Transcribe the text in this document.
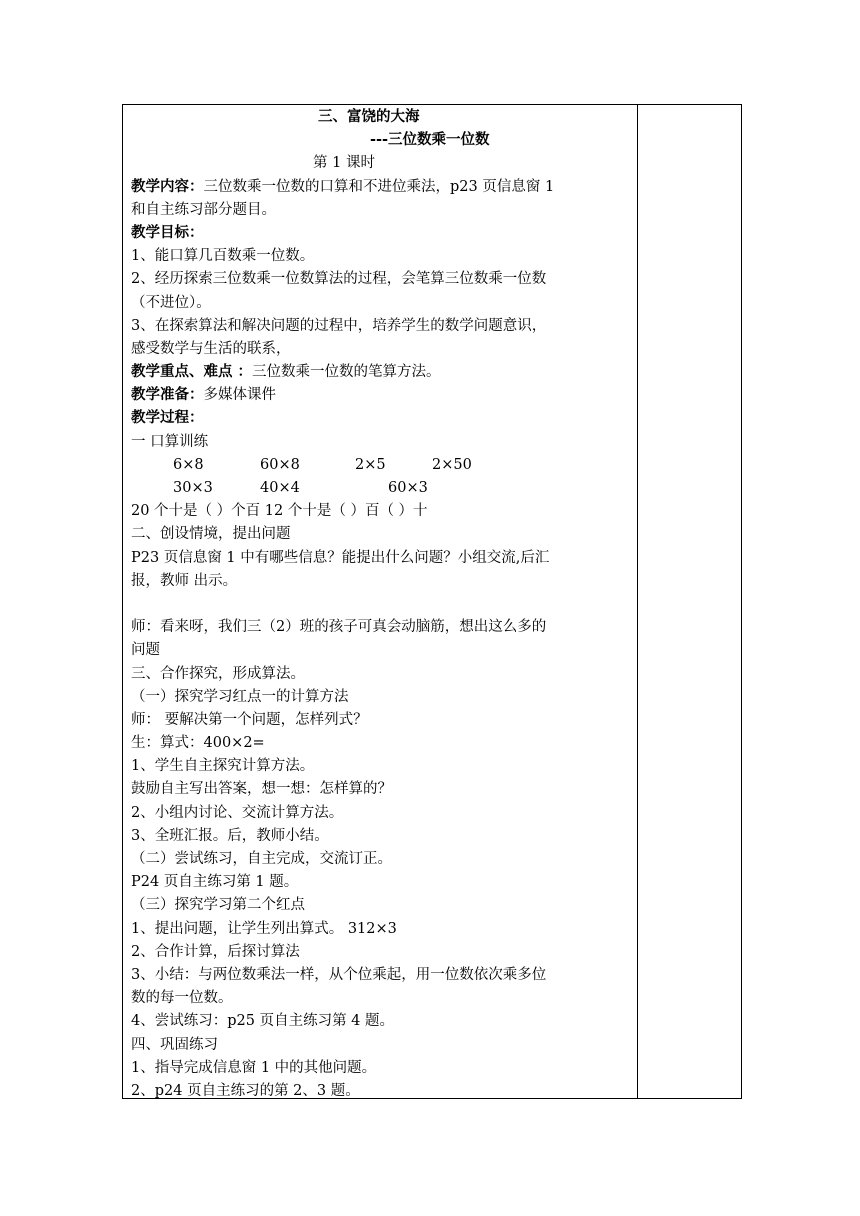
三、富饶的大海
---三位数乘一位数
第 1 课时
教学内容：三位数乘一位数的口算和不进位乘法，p23 页信息窗 1
和自主练习部分题目。
教学目标：
1、能口算几百数乘一位数。
2、经历探索三位数乘一位数算法的过程，会笔算三位数乘一位数
（不进位）。
3、在探索算法和解决问题的过程中，培养学生的数学问题意识，
感受数学与生活的联系，
教学重点、难点 ：三位数乘一位数的笔算方法。
教学准备：多媒体课件
教学过程：
一 口算训练
6×8	60×8	2×5	2×50
30×3	40×4	60×3
20 个十是（ ）个百 12 个十是（ ）百（ ）十
二、创设情境，提出问题
P23 页信息窗 1 中有哪些信息？能提出什么问题？小组交流,后汇
报，教师 出示。
师：看来呀，我们三（2）班的孩子可真会动脑筋，想出这么多的
问题
三、合作探究，形成算法。
（一）探究学习红点一的计算方法
师： 要解决第一个问题，怎样列式？
生：算式：400×2=
1、学生自主探究计算方法。
鼓励自主写出答案，想一想：怎样算的？
2、小组内讨论、交流计算方法。
3、全班汇报。后，教师小结。
（二）尝试练习，自主完成，交流订正。
P24 页自主练习第 1 题。
（三）探究学习第二个红点
1、提出问题，让学生列出算式。 312×3
2、合作计算，后探讨算法
3、小结：与两位数乘法一样，从个位乘起，用一位数依次乘多位
数的每一位数。
4、尝试练习：p25 页自主练习第 4 题。
四、巩固练习
1、指导完成信息窗 1 中的其他问题。
2、p24 页自主练习的第 2、3 题。
